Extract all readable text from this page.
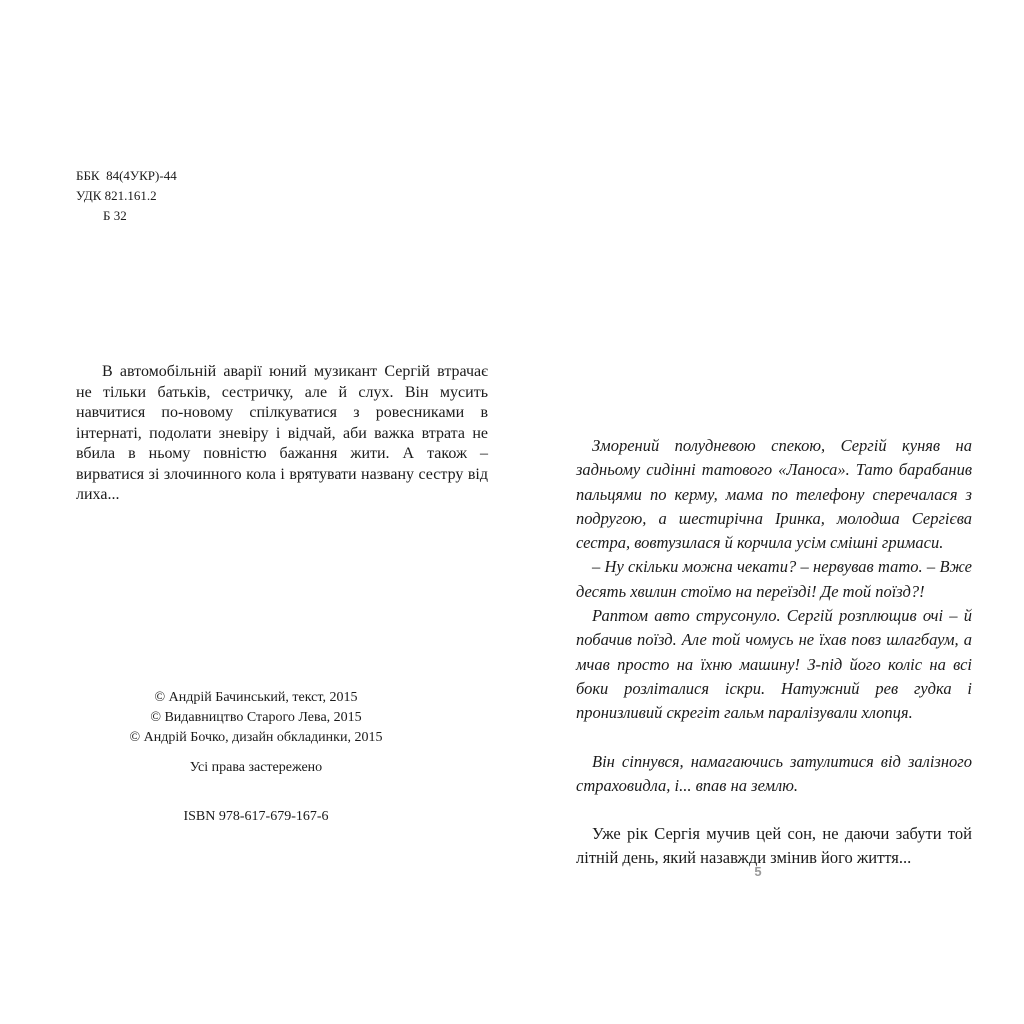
ББК  84(4УКР)-44
УДК 821.161.2
Б 32

В автомобільній аварії юний музикант Сергій втрачає не тільки батьків, сестричку, але й слух. Він мусить навчитися по-новому спілкуватися з ровесниками в інтернаті, подолати зневіру і відчай, аби важка втрата не вбила в ньому повністю бажання жити. А також – вирватися зі злочинного кола і врятувати названу сестру від лиха...

© Андрій Бачинський, текст, 2015
© Видавництво Старого Лева, 2015
© Андрій Бочко, дизайн обкладинки, 2015
Усі права застережено
ISBN 978-617-679-167-6

Зморений полудневою спекою, Сергій куняв на задньому сидінні татового «Ланоса». Тато барабанив пальцями по керму, мама по телефону сперечалася з подругою, а шестирічна Іринка, молодша Сергієва сестра, вовтузилася й корчила усім смішні гримаси.

– Ну скільки можна чекати? – нервував тато. – Вже десять хвилин стоїмо на переїзді! Де той поїзд?!

Раптом авто струсонуло. Сергій розплющив очі – й побачив поїзд. Але той чомусь не їхав повз шлагбаум, а мчав просто на їхню машину! З-під його коліс на всі боки розліталися іскри. Натужний рев гудка і пронизливий скрегіт гальм паралізували хлопця.

Він сіпнувся, намагаючись затулитися від залізного страховидла, і... впав на землю.

Уже рік Сергія мучив цей сон, не даючи забути той літній день, який назавжди змінив його життя...

5
